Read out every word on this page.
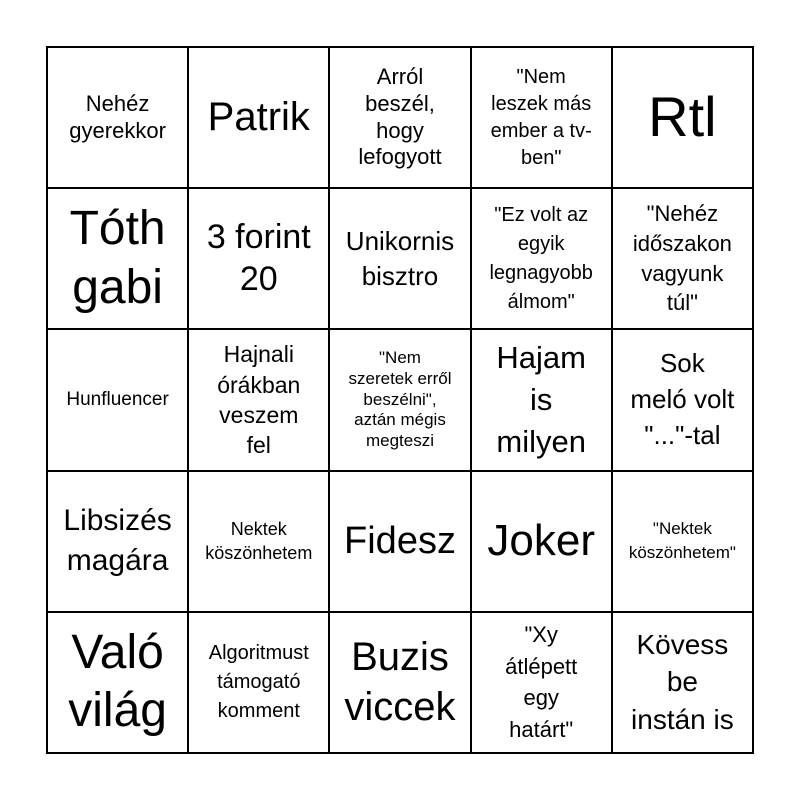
Nehéz
gyerekkor Patrik
Arról
beszél,
hogy
lefogyott
"Nem
leszek más
ember a tv-
ben"
Rtl
Tóth
gabi
3 forint
20
Unikornis
bisztro
"Ez volt az
egyik
legnagyobb
álmom"
"Nehéz
időszakon
vagyunk
túl"
Hunfluencer
Hajnali
órákban
veszem
fel
"Nem
szeretek erről
beszélni",
aztán mégis
megteszi
Hajam
is
milyen
Sok
meló volt
"..."-tal
Libsizés
magára
Nektek
köszönhetem Fidesz Joker	"Nektek
köszönhetem"
Való
világ
Algoritmust
támogató
komment
Buzis
viccek
"Xy
átlépett
egy
határt"
Kövess
be
instán is
